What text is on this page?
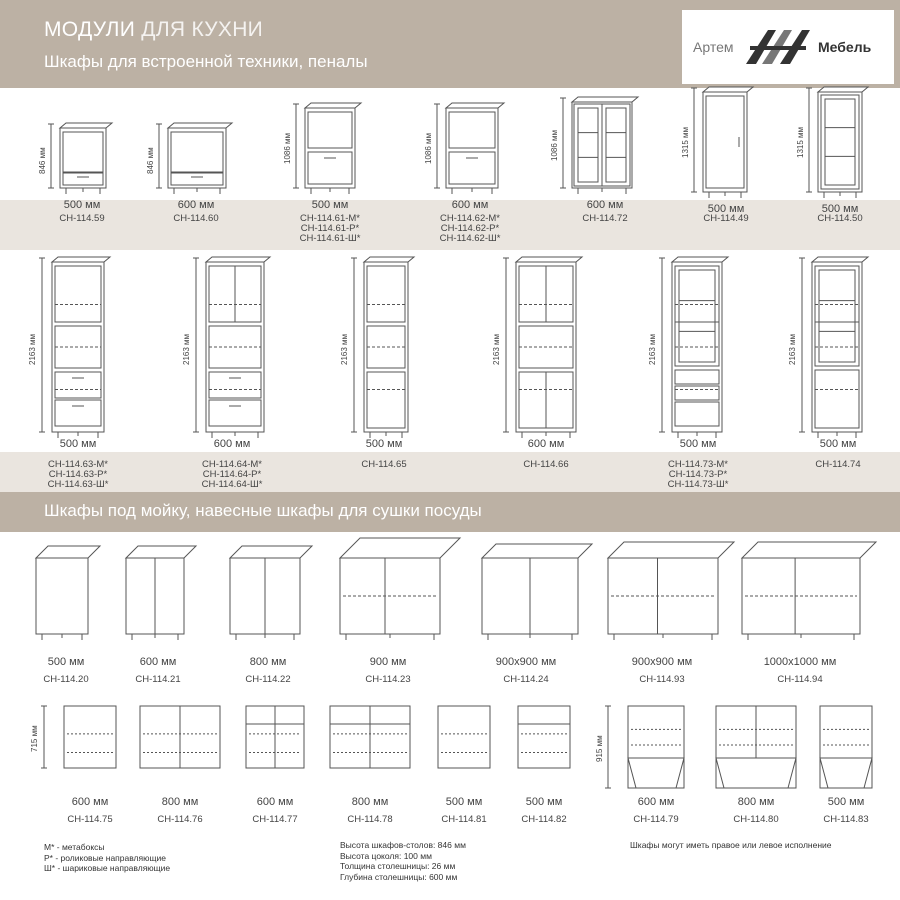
МОДУЛИ ДЛЯ КУХНИ
Шкафы для встроенной техники, пеналы
Артем	Мебель
Шкафы под мойку, навесные шкафы для сушки посуды
846 мм
500 мм
СН-114.59
846 мм
600 мм
СН-114.60
1086 мм
500 мм
СН-114.61-М*
СН-114.61-Р*
СН-114.61-Ш*
1086 мм
600 мм
СН-114.62-М*
СН-114.62-Р*
СН-114.62-Ш*
1086 мм
600 мм
СН-114.72
1315 мм
500 мм
СН-114.49
1315 мм
500 мм
СН-114.50
2163 мм
500 мм
СН-114.63-М*
СН-114.63-Р*
СН-114.63-Ш*
2163 мм
600 мм
СН-114.64-М*
СН-114.64-Р*
СН-114.64-Ш*
2163 мм
500 мм
СН-114.65
2163 мм
600 мм
СН-114.66
2163 мм
500 мм
СН-114.73-М*
СН-114.73-Р*
СН-114.73-Ш*
2163 мм
500 мм
СН-114.74
500 мм
СН-114.20
600 мм
СН-114.21
800 мм
СН-114.22
900 мм
СН-114.23
900х900 мм
СН-114.24
900х900 мм
СН-114.93
1000х1000 мм
СН-114.94
600 мм
СН-114.75
800 мм
СН-114.76
600 мм
СН-114.77
800 мм
СН-114.78
500 мм
СН-114.81
500 мм
СН-114.82
600 мм
СН-114.79
800 мм
СН-114.80
500 мм
СН-114.83
715 мм	915 мм
М* - метабоксы
Р* - роликовые направляющие
Ш* - шариковые направляющие
Высота шкафов-столов: 846 мм
Высота цоколя: 100 мм
Толщина столешницы: 26 мм
Глубина столешницы: 600 мм
Шкафы могут иметь правое или левое исполнение
